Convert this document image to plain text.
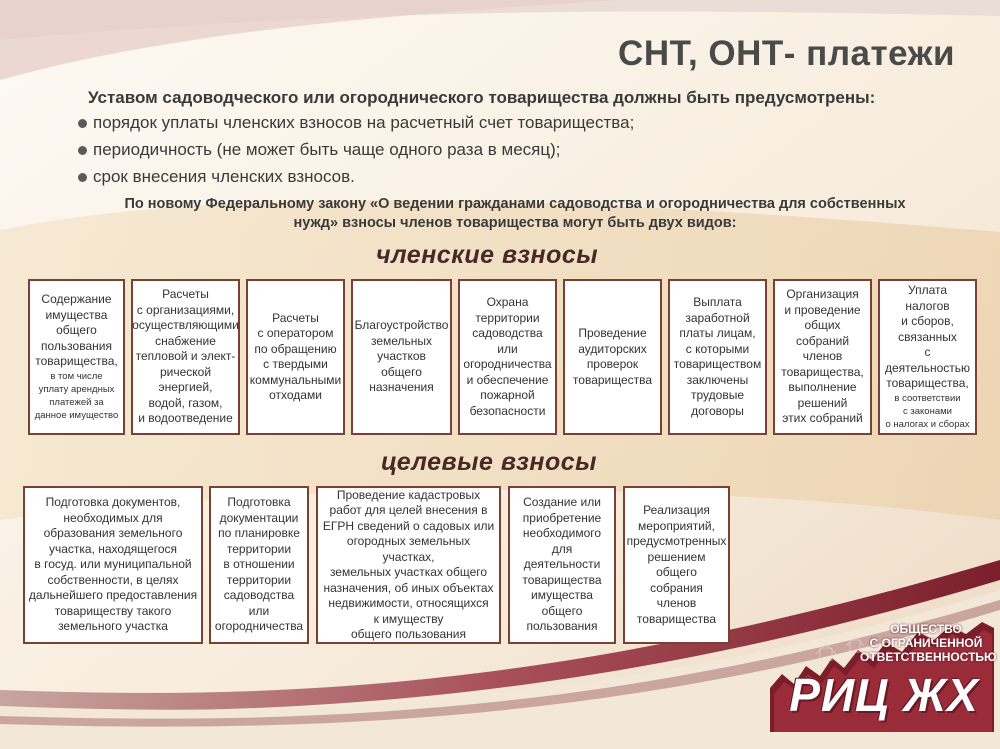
СНТ, ОНТ- платежи
Уставом садоводческого или огороднического товарищества должны быть предусмотрены:
порядок уплаты членских взносов на расчетный счет товарищества;
периодичность (не может быть чаще одного раза в месяц);
срок внесения членских взносов.
По новому Федеральному закону «О ведении гражданами садоводства и огородничества для собственных нужд» взносы членов товарищества могут быть двух видов:
членские взносы
Содержание
имущества
общего
пользования
товарищества,
в том числе
уплату арендных
платежей за
данное имущество
Расчеты
с организациями,
осуществляющими
снабжение
тепловой и элект-
рической энергией,
водой, газом,
и водоотведение
Расчеты
с оператором
по обращению
с твердыми
коммунальными
отходами
Благоустройство
земельных
участков
общего
назначения
Охрана
территории
садоводства или
огородничества
и обеспечение
пожарной
безопасности
Проведение
аудиторских
проверок
товарищества
Выплата
заработной
платы лицам,
с которыми
товариществом
заключены
трудовые
договоры
Организация
и проведение
общих собраний
членов
товарищества,
выполнение
решений
этих собраний
Уплата
налогов
и сборов,
связанных
с деятельностью
товарищества,
в соответствии
с законами
о налогах и сборах
целевые взносы
Подготовка документов,
необходимых для
образования земельного
участка, находящегося
в госуд. или муниципальной
собственности, в целях
дальнейшего предоставления
товариществу такого
земельного участка
Подготовка
документации
по планировке
территории
в отношении
территории
садоводства
или
огородничества
Проведение кадастровых
работ для целей внесения в
ЕГРН сведений о садовых или
огородных земельных участках,
земельных участках общего
назначения, об иных объектах
недвижимости, относящихся
к имуществу
общего пользования
Создание или
приобретение
необходимого
для деятельности
товарищества
имущества
общего
пользования
Реализация
мероприятий,
предусмотренных
решением
общего
собрания
членов
товарищества
ОБЩЕСТВО
С ОГРАНИЧЕННОЙ
ОТВЕТСТВЕННОСТЬЮ
РИЦ ЖХ
